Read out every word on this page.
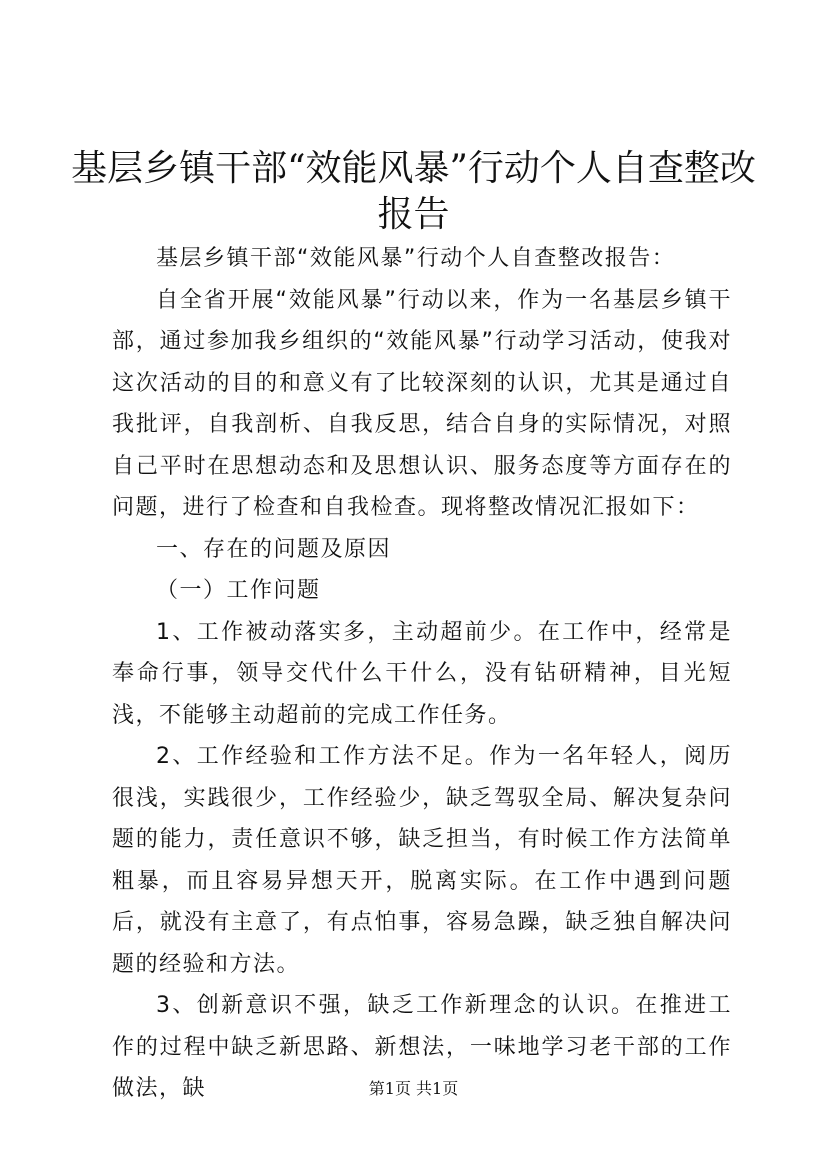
基层乡镇干部“效能风暴”行动个人自查整改
报告

基层乡镇干部“效能风暴”行动个人自查整改报告：

自全省开展“效能风暴”行动以来，作为一名基层乡镇干部，通过参加我乡组织的“效能风暴”行动学习活动，使我对这次活动的目的和意义有了比较深刻的认识，尤其是通过自我批评，自我剖析、自我反思，结合自身的实际情况，对照自己平时在思想动态和及思想认识、服务态度等方面存在的问题，进行了检查和自我检查。现将整改情况汇报如下：

一、存在的问题及原因

（一）工作问题

1、工作被动落实多，主动超前少。在工作中，经常是奉命行事，领导交代什么干什么，没有钻研精神，目光短浅，不能够主动超前的完成工作任务。

2、工作经验和工作方法不足。作为一名年轻人，阅历很浅，实践很少，工作经验少，缺乏驾驭全局、解决复杂问题的能力，责任意识不够，缺乏担当，有时候工作方法简单粗暴，而且容易异想天开，脱离实际。在工作中遇到问题后，就没有主意了，有点怕事，容易急躁，缺乏独自解决问题的经验和方法。

3、创新意识不强，缺乏工作新理念的认识。在推进工作的过程中缺乏新思路、新想法，一味地学习老干部的工作做法，缺	第1页 共1页
